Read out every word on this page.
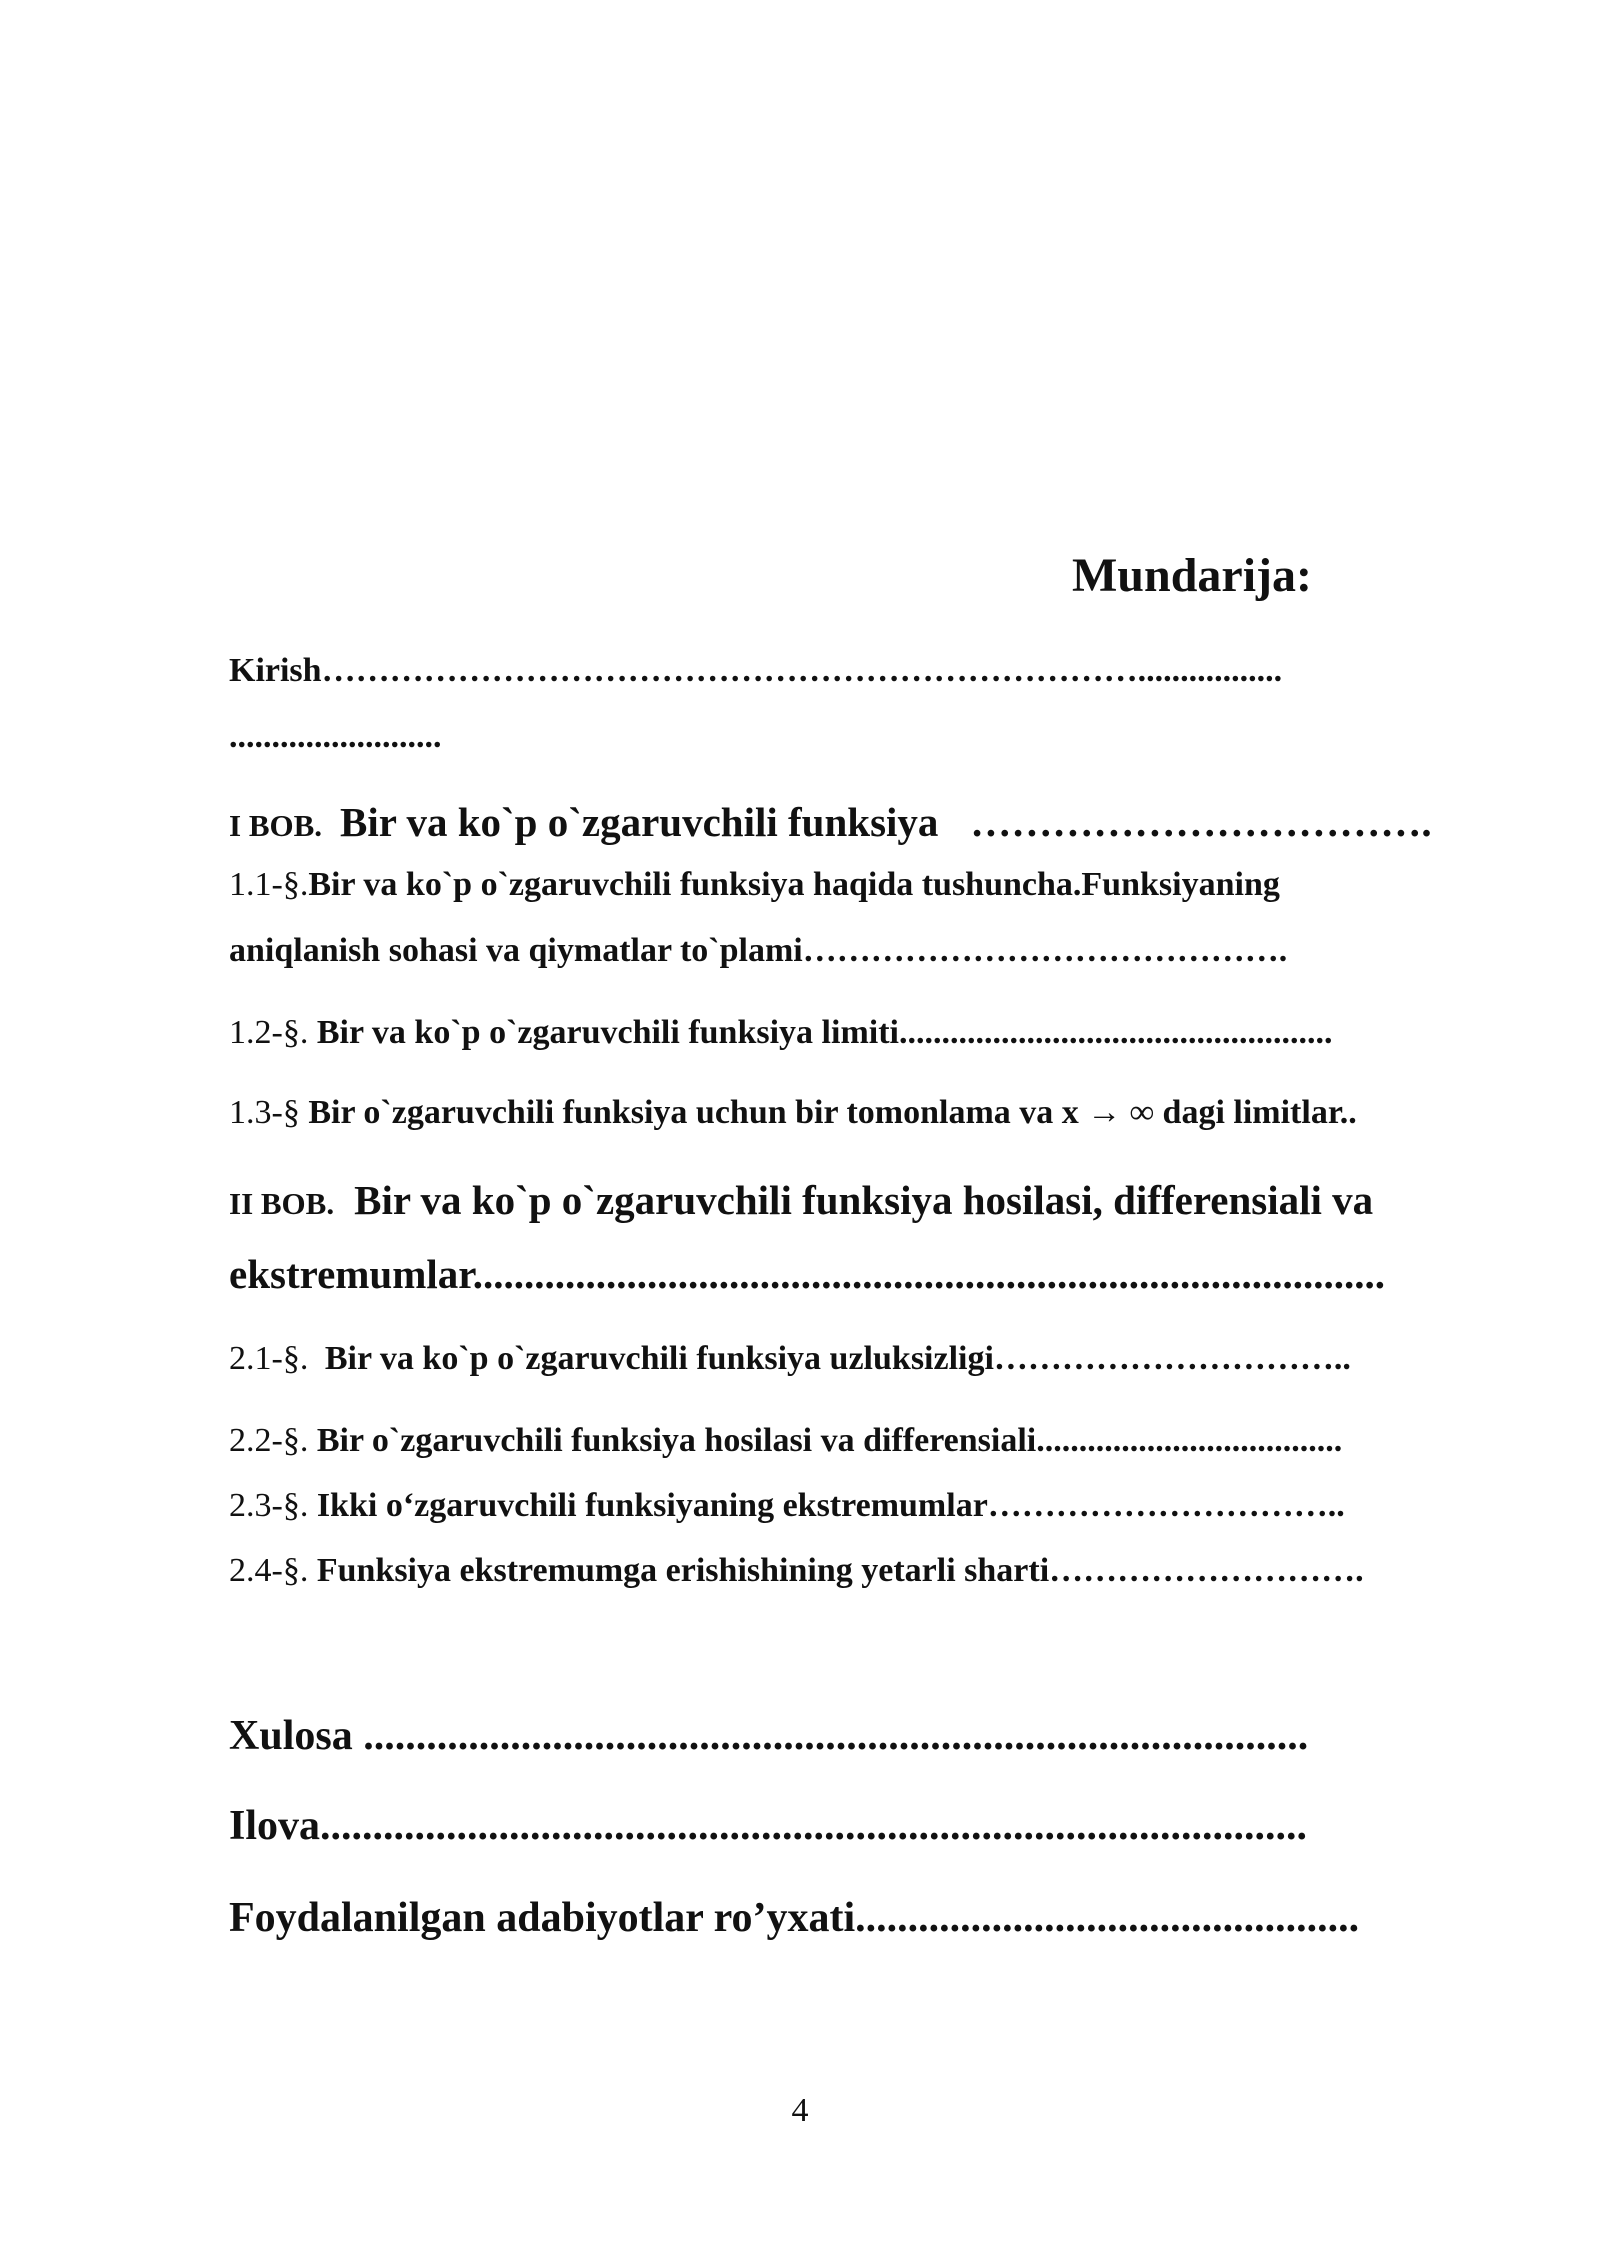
Mundarija:
Kirish……………………………………………………………….................
.........................
I BOB. Bir va ko`p o`zgaruvchili funksiya …………………………….
1.1-§.Bir va ko`p o`zgaruvchili funksiya haqida tushuncha.Funksiyaning
aniqlanish sohasi va qiymatlar to`plami…………………………………….
1.2-§. Bir va ko`p o`zgaruvchili funksiya limiti...................................................
1.3-§ Bir o`zgaruvchili funksiya uchun bir tomonlama va x → ∞ dagi limitlar..
II BOB. Bir va ko`p o`zgaruvchili funksiya hosilasi, differensiali va
ekstremumlar.........................................................................................
2.1-§. Bir va ko`p o`zgaruvchili funksiya uzluksizligi…………………………..
2.2-§. Bir o`zgaruvchili funksiya hosilasi va differensiali....................................
2.3-§. Ikki o‘zgaruvchili funksiyaning ekstremumlar…………………………..
2.4-§. Funksiya ekstremumga erishishining yetarli sharti……………………….
Xulosa ..........................................................................................
Ilova..............................................................................................
Foydalanilgan adabiyotlar ro’yxati................................................
4
